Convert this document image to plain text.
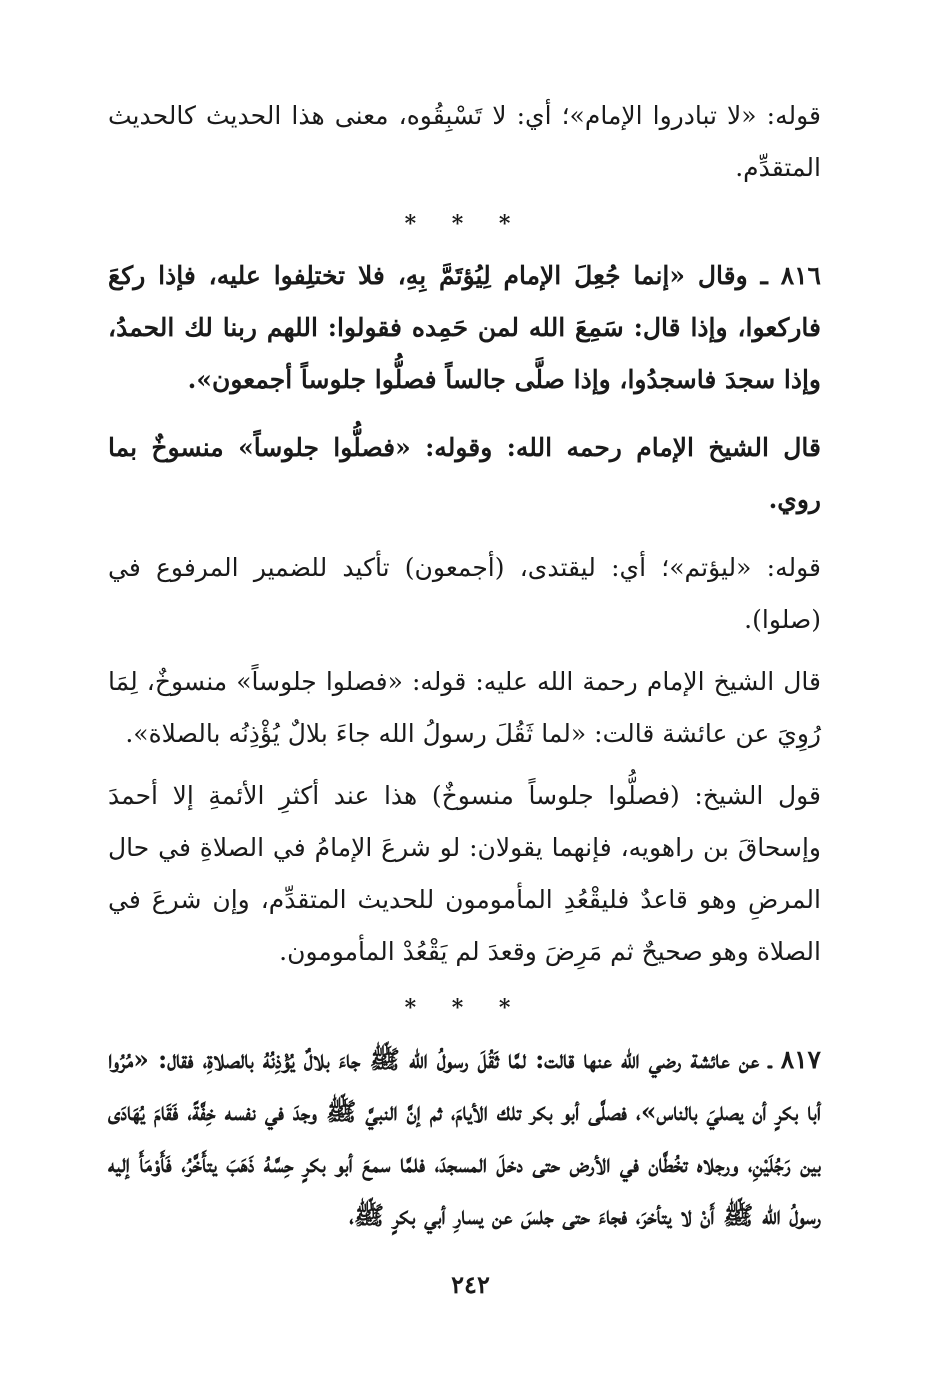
قوله: «لا تبادروا الإمام»؛ أي: لا تَسْبِقُوه، معنى هذا الحديث كالحديث المتقدِّم.

* * *

٨١٦ ـ وقال «إنما جُعِلَ الإمام لِيُؤتَمَّ بِهِ، فلا تختلِفوا عليه، فإذا ركعَ فاركعوا، وإذا قال: سَمِعَ الله لمن حَمِده فقولوا: اللهم ربنا لك الحمدُ، وإذا سجدَ فاسجدُوا، وإذا صلَّى جالساً فصلُّوا جلوساً أجمعون».

قال الشيخ الإمام رحمه الله: وقوله: «فصلُّوا جلوساً» منسوخٌ بما روي.

قوله: «ليؤتم»؛ أي: ليقتدى، (أجمعون) تأكيد للضمير المرفوع في (صلوا).

قال الشيخ الإمام رحمة الله عليه: قوله: «فصلوا جلوساً» منسوخٌ، لِمَا رُوِيَ عن عائشة قالت: «لما ثَقُلَ رسولُ الله جاءَ بلالٌ يُؤْذِنُه بالصلاة».

قول الشيخ: (فصلُّوا جلوساً منسوخٌ) هذا عند أكثرِ الأئمةِ إلا أحمدَ وإسحاقَ بن راهويه، فإنهما يقولان: لو شرعَ الإمامُ في الصلاةِ في حال المرضِ وهو قاعدٌ فليقْعُدِ المأمومون للحديث المتقدِّم، وإن شرعَ في الصلاة وهو صحيحٌ ثم مَرِضَ وقعدَ لم يَقْعُدْ المأمومون.

* * *

٨١٧ ـ عن عائشة رضي الله عنها قالت: لمَّا ثَقُلَ رسولُ الله ﷺ جاءَ بلالٌ يُؤْذِنُهُ بالصلاةِ، فقال: «مُرُوا أبا بكرٍ أن يصليَ بالناس»، فصلَّى أبو بكر تلك الأيامَ، ثم إنَّ النبيَّ ﷺ وجدَ في نفسه خِفَّةً، فَقَامَ يُهَادَى بين رَجُلَيْنِ، ورجلاه تخُطَّان في الأرض حتى دخلَ المسجدَ، فلمَّا سمعَ أبو بكرٍ حِسَّهُ ذَهَبَ يتأَخَّرُ، فَأَوْمَأَ إليه رسولُ الله ﷺ أَنْ لا يتأخرَ، فجاءَ حتى جلسَ عن يسارِ أبي بكرٍ ﷺ،

٢٤٢
